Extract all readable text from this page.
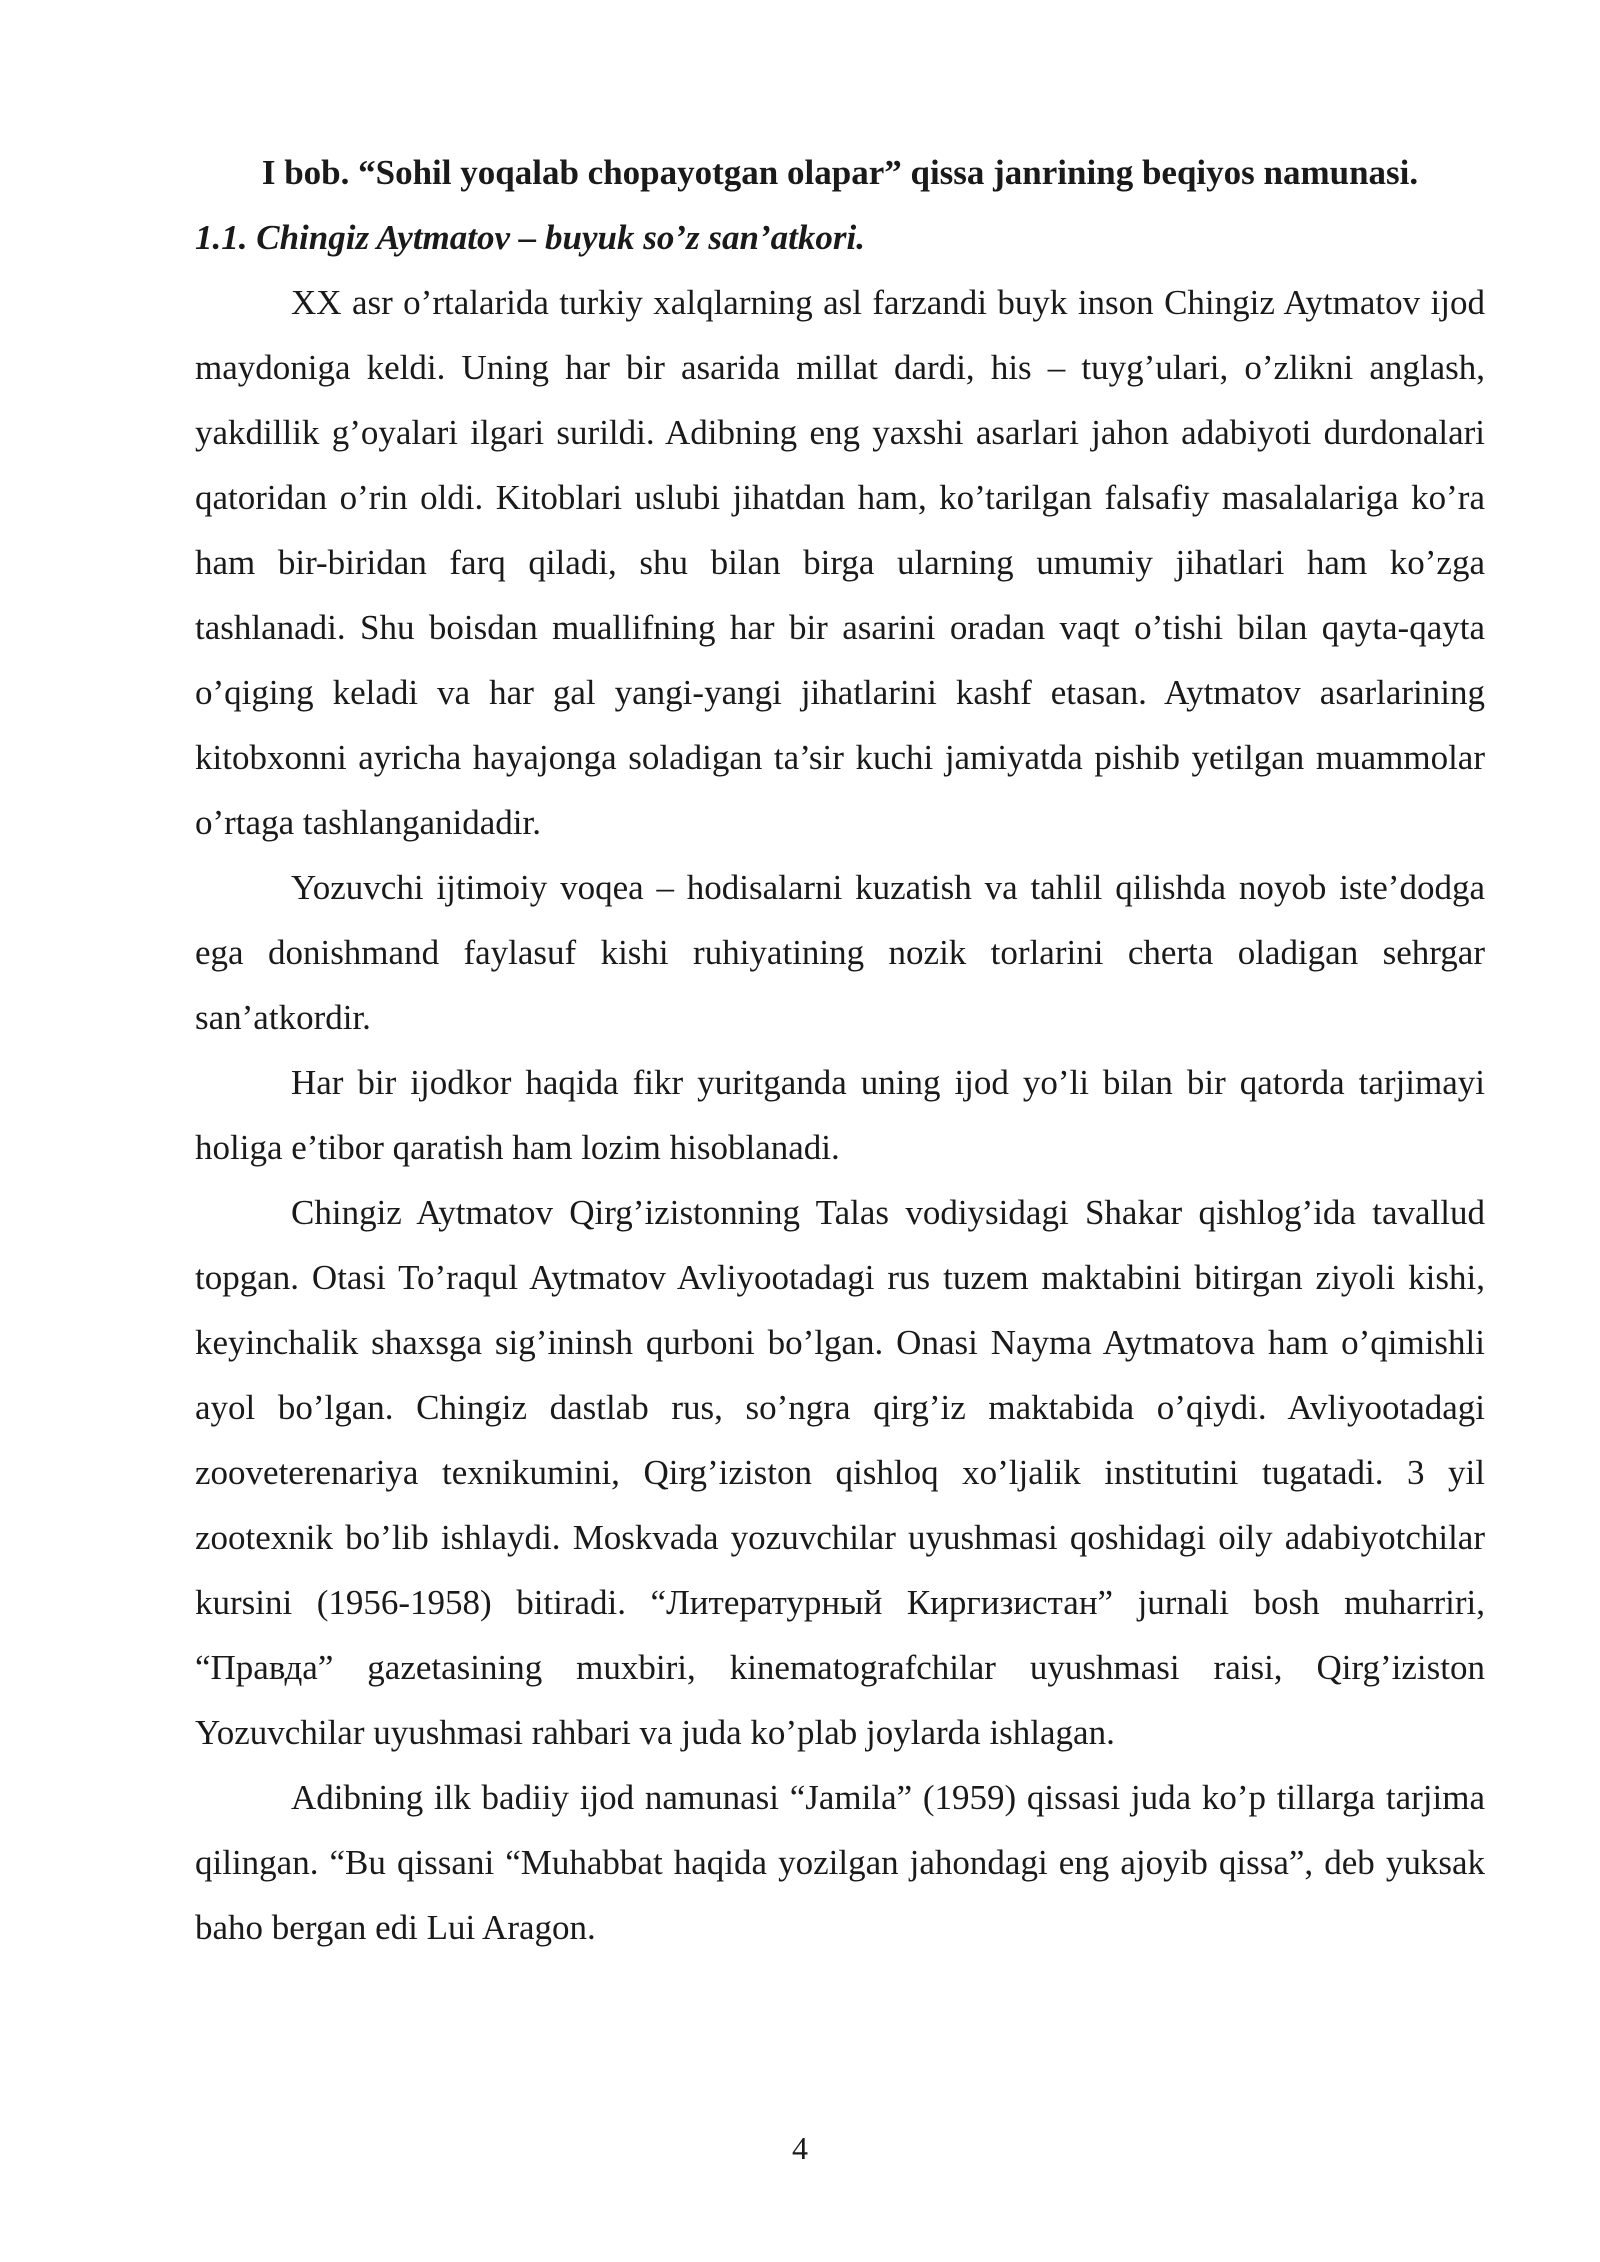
I bob. “Sohil yoqalab chopayotgan olapar” qissa janrining beqiyos namunasi.
1.1. Chingiz Aytmatov – buyuk so’z san’atkori.

XX asr o’rtalarida turkiy xalqlarning asl farzandi buyk inson Chingiz Aytmatov ijod maydoniga keldi. Uning har bir asarida millat dardi, his – tuyg’ulari, o’zlikni anglash, yakdillik g’oyalari ilgari surildi. Adibning eng yaxshi asarlari jahon adabiyoti durdonalari qatoridan o’rin oldi. Kitoblari uslubi jihatdan ham, ko’tarilgan falsafiy masalalariga ko’ra ham bir-biridan farq qiladi, shu bilan birga ularning umumiy jihatlari ham ko’zga tashlanadi. Shu boisdan muallifning har bir asarini oradan vaqt o’tishi bilan qayta-qayta o’qiging keladi va har gal yangi-yangi jihatlarini kashf etasan. Aytmatov asarlarining kitobxonni ayricha hayajonga soladigan ta’sir kuchi jamiyatda pishib yetilgan muammolar o’rtaga tashlanganidadir.

Yozuvchi ijtimoiy voqea – hodisalarni kuzatish va tahlil qilishda noyob iste’dodga ega donishmand faylasuf kishi ruhiyatining nozik torlarini cherta oladigan sehrgar san’atkordir.

Har bir ijodkor haqida fikr yuritganda uning ijod yo’li bilan bir qatorda tarjimayi holiga e’tibor qaratish ham lozim hisoblanadi.

Chingiz Aytmatov Qirg’izistonning Talas vodiysidagi Shakar qishlog’ida tavallud topgan. Otasi To’raqul Aytmatov Avliyootadagi rus tuzem maktabini bitirgan ziyoli kishi, keyinchalik shaxsga sig’ininsh qurboni bo’lgan. Onasi Nayma Aytmatova ham o’qimishli ayol bo’lgan. Chingiz dastlab rus, so’ngra qirg’iz maktabida o’qiydi. Avliyootadagi zooveterenariya texnikumini, Qirg’iziston qishloq xo’ljalik institutini tugatadi. 3 yil zootexnik bo’lib ishlaydi. Moskvada yozuvchilar uyushmasi qoshidagi oily adabiyotchilar kursini (1956-1958) bitiradi. “Литературный Киргизистан” jurnali bosh muharriri, “Правда” gazetasining muxbiri, kinematografchilar uyushmasi raisi, Qirg’iziston Yozuvchilar uyushmasi rahbari va juda ko’plab joylarda ishlagan.

Adibning ilk badiiy ijod namunasi “Jamila” (1959) qissasi juda ko’p tillarga tarjima qilingan. “Bu qissani “Muhabbat haqida yozilgan jahondagi eng ajoyib qissa”, deb yuksak baho bergan edi Lui Aragon.

4
